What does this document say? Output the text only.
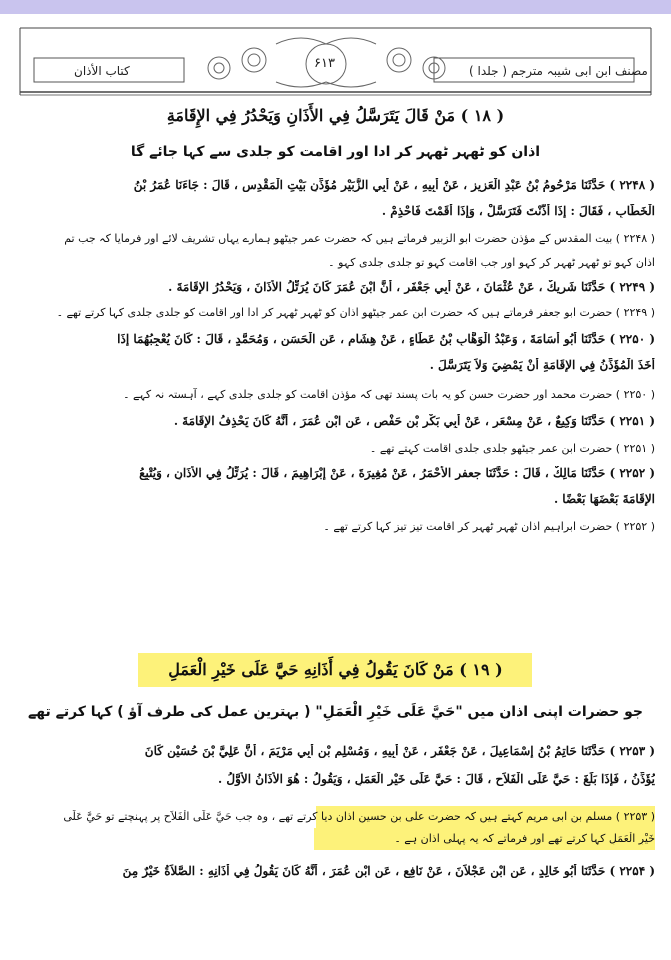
مصنف ابن ابی شیبہ مترجم ( جلدا )
۶۱۳
کتاب الأذان
( ۱۸ ) مَنْ قَالَ يَتَرَسَّلُ فِي الأَذَانِ وَيَحْدُرُ فِي الإِقَامَةِ
اذان کو ٹھہر ٹھہر کر ادا اور اقامت کو جلدی سے کہا جائے گا
( ۲۲۴۸ ) حَدَّثَنَا مَرْحُومُ بْنُ عَبْدِ الْعَزِيزِ ، عَنْ أَبِيهِ ، عَنْ أَبِي الزُّبَيْرِ مُؤَذِّنِ بَيْتِ الْمَقْدِسِ ، قَالَ : جَاءَنَا عُمَرُ بْنُ
الْخَطَّابِ ، فَقَالَ : إِذَا أَذَّنْتَ فَتَرَسَّلْ ، وَإِذَا أَقَمْتَ فَاحْذِمْ .
( ۲۲۴۸ ) بیت المقدس کے مؤذن حضرت ابو الزبیر فرماتے ہیں کہ حضرت عمر جیٹھو ہمارے یہاں تشریف لائے اور فرمایا کہ جب تم
اذان کہو تو ٹھہر ٹھہر کر کہو اور جب اقامت کہو تو جلدی جلدی کہو ۔
( ۲۲۴۹ ) حَدَّثَنَا شَرِيكٌ ، عَنْ عُثْمَانَ ، عَنْ أَبِي جَعْفَرٍ ، أَنَّ ابْنَ عُمَرَ كَانَ يُرَتِّلُ الأَذَانَ ، وَيَحْدُرُ الإِقَامَةَ .
( ۲۲۴۹ ) حضرت ابو جعفر فرماتے ہیں کہ حضرت ابن عمر جیٹھو اذان کو ٹھہر ٹھہر کر ادا اور اقامت کو جلدی جلدی کہا کرتے تھے ۔
( ۲۲۵۰ ) حَدَّثَنَا أَبُو أُسَامَةَ ، وَعَبْدُ الْوَهَّابِ بْنُ عَطَاءٍ ، عَنْ هِشَامٍ ، عَنِ الْحَسَنِ ، وَمُحَمَّدٍ ، قَالَ : كَانَ يُعْجِبُهُمَا إِذَا
أَخَذَ الْمُؤَذِّنُ فِي الإِقَامَةِ أَنْ يَمْضِيَ وَلاَ يَتَرَسَّلَ .
( ۲۲۵۰ ) حضرت محمد اور حضرت حسن کو یہ بات پسند تھی کہ مؤذن اقامت کو جلدی جلدی کہے ، آہستہ نہ کہے ۔
( ۲۲۵۱ ) حَدَّثَنَا وَكِيعٌ ، عَنْ مِسْعَرٍ ، عَنْ أَبِي بَكْرِ بْنِ حَفْصٍ ، عَنِ ابْنِ عُمَرَ ، أَنَّهُ كَانَ يَحْذِفُ الإِقَامَةَ .
( ۲۲۵۱ ) حضرت ابن عمر جیٹھو جلدی جلدی اقامت کہتے تھے ۔
( ۲۲۵۲ ) حَدَّثَنَا مَالِكٌ ، قَالَ : حَدَّثَنَا جعفر الأَحْمَرُ ، عَنْ مُغِيرَةَ ، عَنْ إِبْرَاهِيمَ ، قَالَ : يُرَتِّلُ فِي الأَذَانِ ، وَيُتْبِعُ
الإِقَامَةَ بَعْضَهَا بَعْضًا .
( ۲۲۵۲ ) حضرت ابراہیم اذان ٹھہر ٹھہر کر اقامت تیز تیز کہا کرتے تھے ۔
( ۱۹ ) مَنْ كَانَ يَقُولُ فِي أَذَانِهِ حَيَّ عَلَى خَيْرِ الْعَمَلِ
جو حضرات اپنی اذان میں "حَيَّ عَلَى خَيْرِ الْعَمَلِ" ( بہترین عمل کی طرف آؤ ) کہا کرتے تھے
( ۲۲۵۳ ) حَدَّثَنَا حَاتِمُ بْنُ إِسْمَاعِيلَ ، عَنْ جَعْفَرٍ ، عَنْ أَبِيهِ ، وَمُسْلِمِ بْنِ أَبِي مَرْيَمَ ، أَنَّ عَلِيَّ بْنَ حُسَيْنٍ كَانَ
يُؤَذِّنُ ، فَإِذَا بَلَغَ : حَيَّ عَلَى الْفَلاَحِ ، قَالَ : حَيَّ عَلَى خَيْرِ الْعَمَلِ ، وَيَقُولُ : هُوَ الأَذَانُ الأَوَّلُ .
( ۲۲۵۳ ) مسلم بن ابی مریم کہتے ہیں کہ حضرت علی بن حسین اذان دیا کرتے تھے ، وہ جب حَيَّ عَلَى الْفَلاَحِ پر پہنچتے تو حَيَّ عَلَى
خَيْرِ الْعَمَلِ کہا کرتے تھے اور فرماتے کہ یہ پہلی اذان ہے ۔
( ۲۲۵۴ ) حَدَّثَنَا أَبُو خَالِدٍ ، عَنِ ابْنِ عَجْلاَنَ ، عَنْ نَافِعٍ ، عَنِ ابْنِ عُمَرَ ، أَنَّهُ كَانَ يَقُولُ فِي أَذَانِهِ : الصَّلاَةُ خَيْرٌ مِنَ
